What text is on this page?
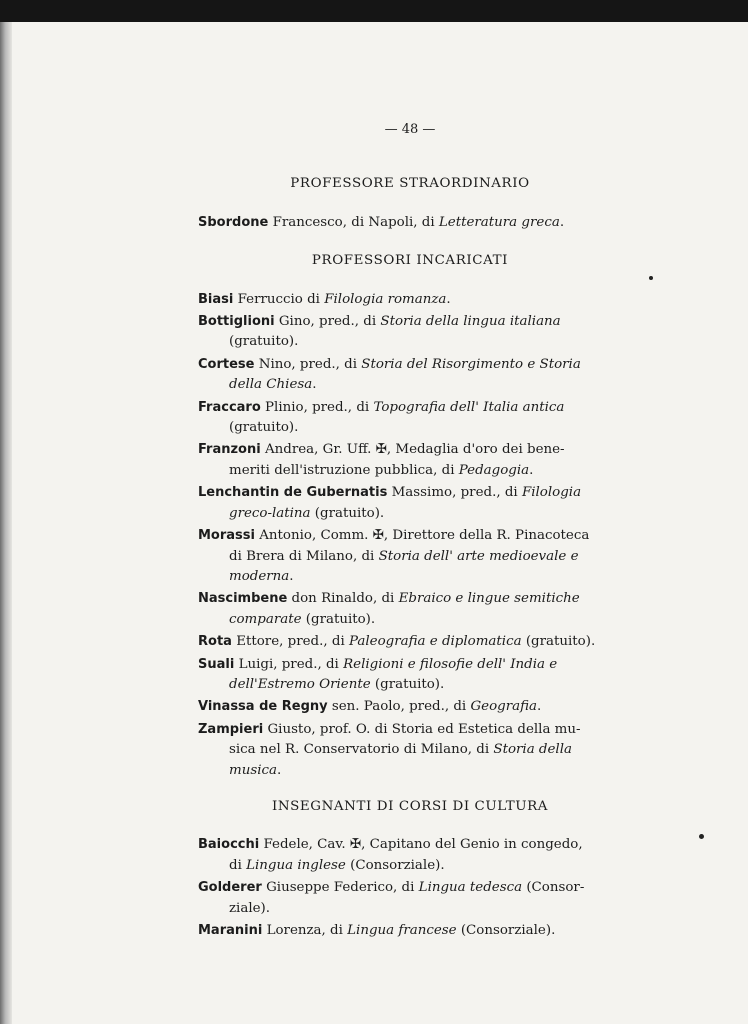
— 48 —

PROFESSORE STRAORDINARIO

Sbordone Francesco, di Napoli, di Letteratura greca.

PROFESSORI INCARICATI

Biasi Ferruccio di Filologia romanza.

Bottiglioni Gino, pred., di Storia della lingua italiana
(gratuito).
Cortese Nino, pred., di Storia del Risorgimento e Storia
della Chiesa.
Fraccaro Plinio, pred., di Topografia dell' Italia antica
(gratuito).
Franzoni Andrea, Gr. Uff. ✠, Medaglia d'oro dei bene-
meriti dell'istruzione pubblica, di Pedagogia.
Lenchantin de Gubernatis Massimo, pred., di Filologia
greco-latina (gratuito).
Morassi Antonio, Comm. ✠, Direttore della R. Pinacoteca
di Brera di Milano, di Storia dell' arte medioevale e
moderna.
Nascimbene don Rinaldo, di Ebraico e lingue semitiche
comparate (gratuito).

Rota Ettore, pred., di Paleografia e diplomatica (gratuito).

Suali Luigi, pred., di Religioni e filosofie dell' India e
dell'Estremo Oriente (gratuito).

Vinassa de Regny sen. Paolo, pred., di Geografia.

Zampieri Giusto, prof. O. di Storia ed Estetica della mu-
sica nel R. Conservatorio di Milano, di Storia della
musica.

INSEGNANTI DI CORSI DI CULTURA

Baiocchi Fedele, Cav. ✠, Capitano del Genio in congedo,
di Lingua inglese (Consorziale).
Golderer Giuseppe Federico, di Lingua tedesca (Consor-
ziale).

Maranini Lorenza, di Lingua francese (Consorziale).
